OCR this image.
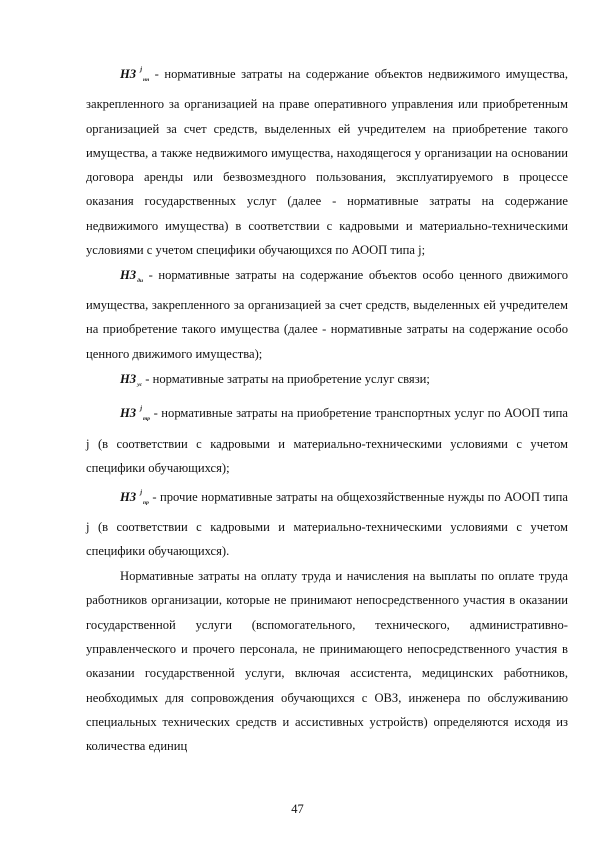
НЗ $^j_{нн}$ - нормативные затраты на содержание объектов недвижимого имущества, закрепленного за организацией на праве оперативного управления или приобретенным организацией за счет средств, выделенных ей учредителем на приобретение такого имущества, а также недвижимого имущества, находящегося у организации на основании договора аренды или безвозмездного пользования, эксплуатируемого в процессе оказания государственных услуг (далее - нормативные затраты на содержание недвижимого имущества) в соответствии с кадровыми и материально-техническими условиями с учетом специфики обучающихся по АООП типа j;

$НЗ_{ди}$ - нормативные затраты на содержание объектов особо ценного движимого имущества, закрепленного за организацией за счет средств, выделенных ей учредителем на приобретение такого имущества (далее - нормативные затраты на содержание особо ценного движимого имущества);

$НЗ_{ус}$ - нормативные затраты на приобретение услуг связи;

НЗ $^j_{тр}$ - нормативные затраты на приобретение транспортных услуг по АООП типа j (в соответствии с кадровыми и материально-техническими условиями с учетом специфики обучающихся);

НЗ $^j_{пр}$ - прочие нормативные затраты на общехозяйственные нужды по АООП типа j (в соответствии с кадровыми и материально-техническими условиями с учетом специфики обучающихся).

Нормативные затраты на оплату труда и начисления на выплаты по оплате труда работников организации, которые не принимают непосредственного участия в оказании государственной услуги (вспомогательного, технического, административно-управленческого и прочего персонала, не принимающего непосредственного участия в оказании государственной услуги, включая ассистента, медицинских работников, необходимых для сопровождения обучающихся с ОВЗ, инженера по обслуживанию специальных технических средств и ассистивных устройств) определяются исходя из количества единиц

47
